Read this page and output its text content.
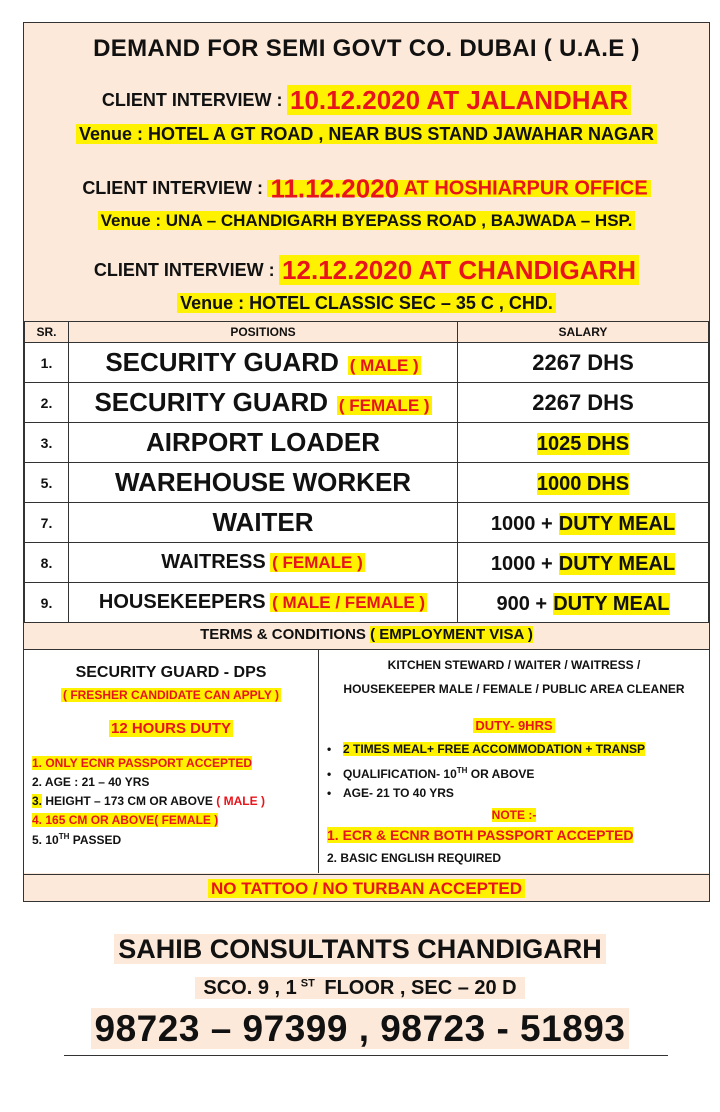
DEMAND FOR SEMI GOVT CO. DUBAI ( U.A.E )
CLIENT INTERVIEW : 10.12.2020 AT JALANDHAR
Venue : HOTEL A GT ROAD , NEAR BUS STAND JAWAHAR NAGAR
CLIENT INTERVIEW : 11.12.2020 AT HOSHIARPUR OFFICE
Venue : UNA – CHANDIGARH BYEPASS ROAD , BAJWADA – HSP.
CLIENT INTERVIEW : 12.12.2020 AT CHANDIGARH
Venue : HOTEL CLASSIC SEC – 35 C , CHD.
SR.	POSITIONS	SALARY
1.	SECURITY GUARD ( MALE )	2267 DHS
2.	SECURITY GUARD ( FEMALE )	2267 DHS
3.	AIRPORT LOADER	1025 DHS
5.	WAREHOUSE WORKER	1000 DHS
7.	WAITER	1000 + DUTY MEAL
8.	WAITRESS ( FEMALE )	1000 + DUTY MEAL
9.	HOUSEKEEPERS ( MALE / FEMALE )	900 + DUTY MEAL
TERMS & CONDITIONS ( EMPLOYMENT VISA )
SECURITY GUARD - DPS
( FRESHER CANDIDATE CAN APPLY )
12 HOURS DUTY
1. ONLY ECNR PASSPORT ACCEPTED
2. AGE : 21 – 40 YRS
3. HEIGHT – 173 CM OR ABOVE ( MALE )
4. 165 CM OR ABOVE( FEMALE )
5. 10TH PASSED
KITCHEN STEWARD / WAITER / WAITRESS /
HOUSEKEEPER MALE / FEMALE / PUBLIC AREA CLEANER
DUTY- 9HRS
• 2 TIMES MEAL+ FREE ACCOMMODATION + TRANSP
• QUALIFICATION- 10TH OR ABOVE
• AGE- 21 TO 40 YRS
NOTE :-
1. ECR & ECNR BOTH PASSPORT ACCEPTED
2. BASIC ENGLISH REQUIRED
NO TATTOO / NO TURBAN ACCEPTED
SAHIB CONSULTANTS CHANDIGARH
SCO. 9 , 1 $^{ST}$ FLOOR , SEC – 20 D
98723 – 97399 , 98723 - 51893
